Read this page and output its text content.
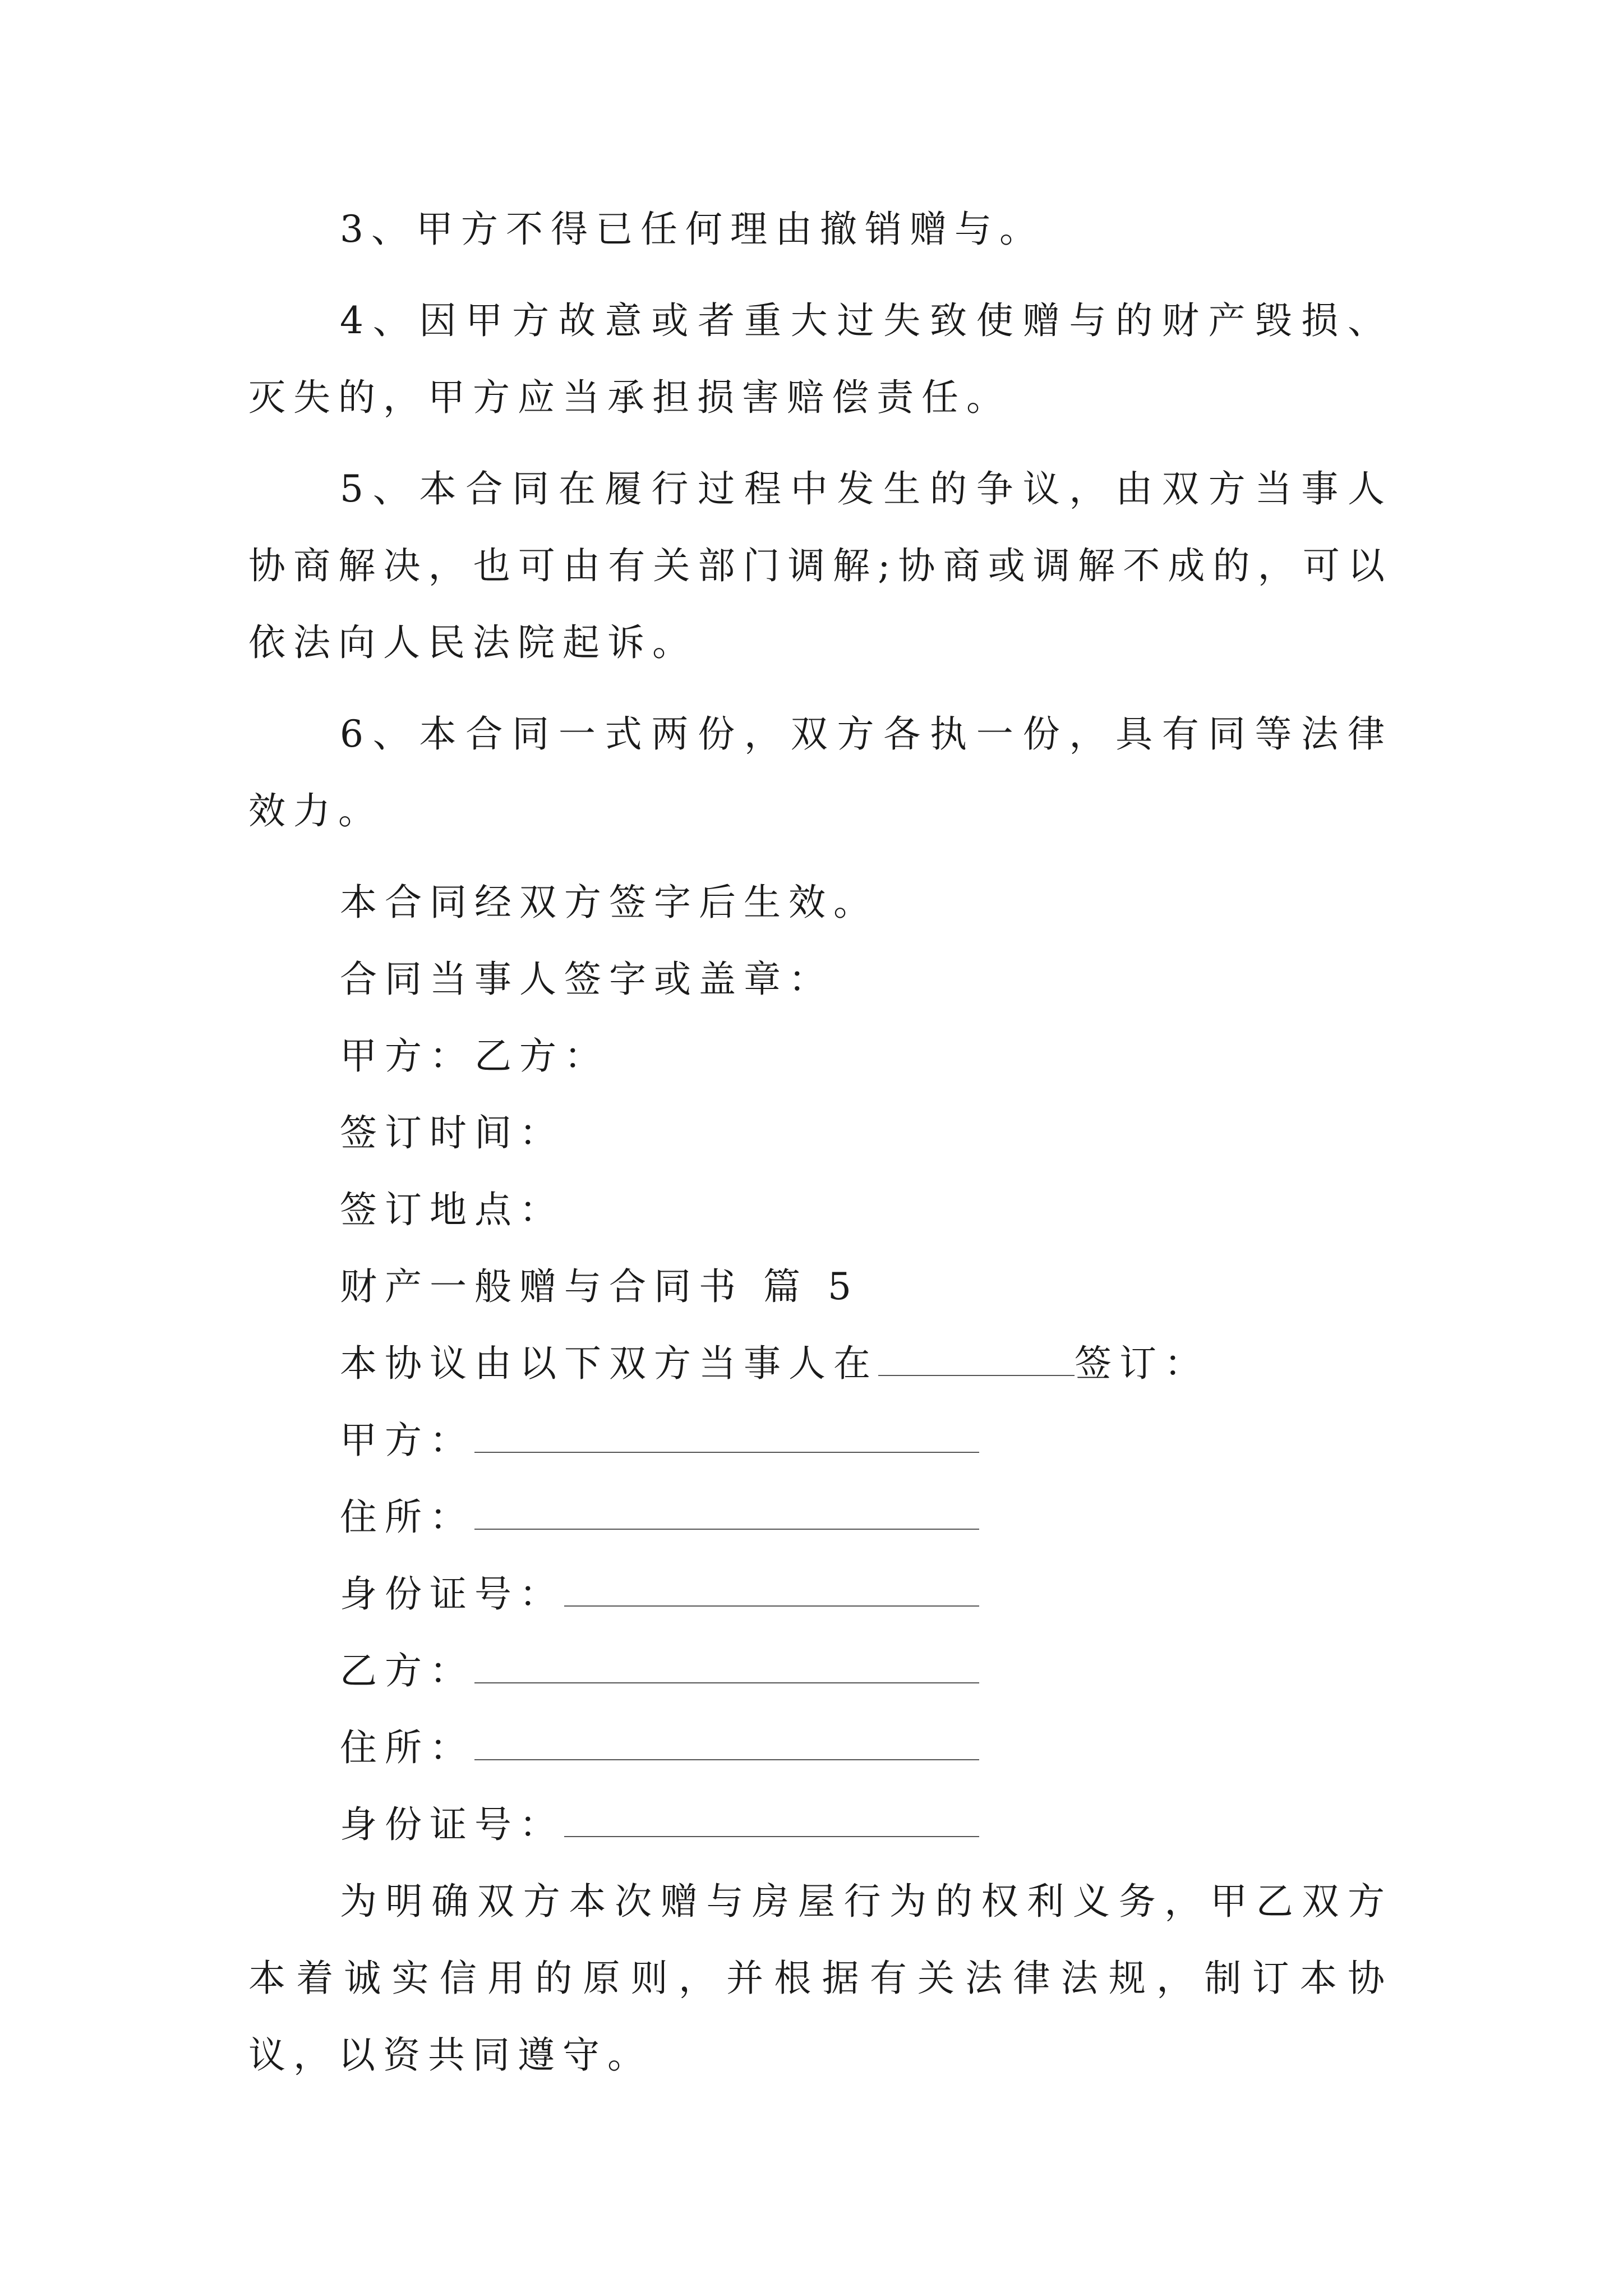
3、甲方不得已任何理由撤销赠与。

4、因甲方故意或者重大过失致使赠与的财产毁损、灭失的，甲方应当承担损害赔偿责任。

5、本合同在履行过程中发生的争议，由双方当事人协商解决，也可由有关部门调解;协商或调解不成的，可以依法向人民法院起诉。

6、本合同一式两份，双方各执一份，具有同等法律效力。

本合同经双方签字后生效。

合同当事人签字或盖章：

甲方：乙方：

签订时间：

签订地点：

财产一般赠与合同书 篇 5

本协议由以下双方当事人在	签订：

甲方：

住所：

身份证号：

乙方：

住所：

身份证号：

为明确双方本次赠与房屋行为的权利义务，甲乙双方本着诚实信用的原则，并根据有关法律法规，制订本协议，以资共同遵守。
